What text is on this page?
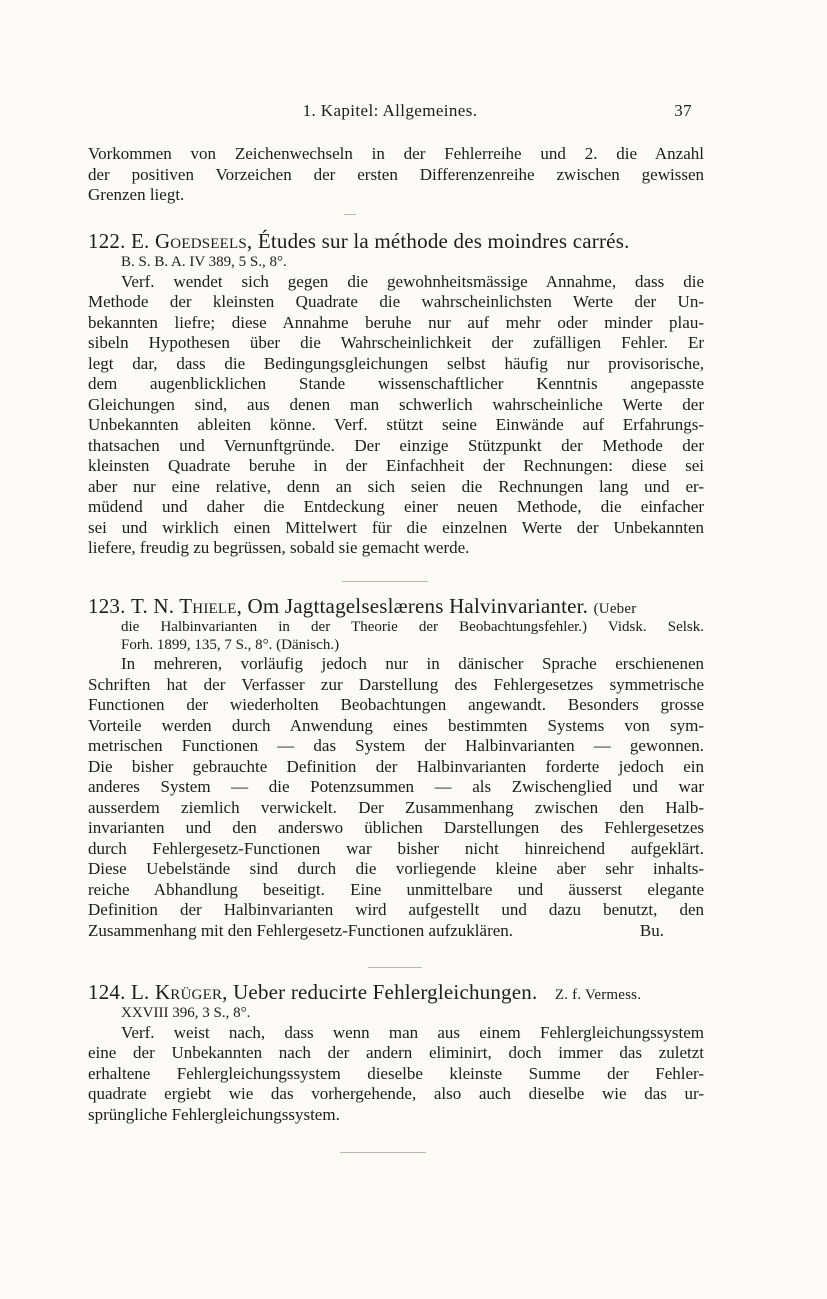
1. Kapitel: Allgemeines.	37
Vorkommen von Zeichenwechseln in der Fehlerreihe und 2. die Anzahl
der positiven Vorzeichen der ersten Differenzenreihe zwischen gewissen
Grenzen liegt.
122. E. Goedseels, Études sur la méthode des moindres carrés.
B. S. B. A. IV 389, 5 S., 8°.
Verf. wendet sich gegen die gewohnheitsmässige Annahme, dass die
Methode der kleinsten Quadrate die wahrscheinlichsten Werte der Un-
bekannten liefre; diese Annahme beruhe nur auf mehr oder minder plau-
sibeln Hypothesen über die Wahrscheinlichkeit der zufälligen Fehler. Er
legt dar, dass die Bedingungsgleichungen selbst häufig nur provisorische,
dem augenblicklichen Stande wissenschaftlicher Kenntnis angepasste
Gleichungen sind, aus denen man schwerlich wahrscheinliche Werte der
Unbekannten ableiten könne. Verf. stützt seine Einwände auf Erfahrungs-
thatsachen und Vernunftgründe. Der einzige Stützpunkt der Methode der
kleinsten Quadrate beruhe in der Einfachheit der Rechnungen: diese sei
aber nur eine relative, denn an sich seien die Rechnungen lang und er-
müdend und daher die Entdeckung einer neuen Methode, die einfacher
sei und wirklich einen Mittelwert für die einzelnen Werte der Unbekannten
liefere, freudig zu begrüssen, sobald sie gemacht werde.
123. T. N. Thiele, Om Jagttagelseslærens Halvinvarianter. (Ueber
die Halbinvarianten in der Theorie der Beobachtungsfehler.) Vidsk. Selsk.
Forh. 1899, 135, 7 S., 8°. (Dänisch.)
In mehreren, vorläufig jedoch nur in dänischer Sprache erschienenen
Schriften hat der Verfasser zur Darstellung des Fehlergesetzes symmetrische
Functionen der wiederholten Beobachtungen angewandt. Besonders grosse
Vorteile werden durch Anwendung eines bestimmten Systems von sym-
metrischen Functionen — das System der Halbinvarianten — gewonnen.
Die bisher gebrauchte Definition der Halbinvarianten forderte jedoch ein
anderes System — die Potenzsummen — als Zwischenglied und war
ausserdem ziemlich verwickelt. Der Zusammenhang zwischen den Halb-
invarianten und den anderswo üblichen Darstellungen des Fehlergesetzes
durch Fehlergesetz-Functionen war bisher nicht hinreichend aufgeklärt.
Diese Uebelstände sind durch die vorliegende kleine aber sehr inhalts-
reiche Abhandlung beseitigt. Eine unmittelbare und äusserst elegante
Definition der Halbinvarianten wird aufgestellt und dazu benutzt, den
Zusammenhang mit den Fehlergesetz-Functionen aufzuklären.	Bu.
124. L. Krüger, Ueber reducirte Fehlergleichungen. Z. f. Vermess.
XXVIII 396, 3 S., 8°.
Verf. weist nach, dass wenn man aus einem Fehlergleichungssystem
eine der Unbekannten nach der andern eliminirt, doch immer das zuletzt
erhaltene Fehlergleichungssystem dieselbe kleinste Summe der Fehler-
quadrate ergiebt wie das vorhergehende, also auch dieselbe wie das ur-
sprüngliche Fehlergleichungssystem.
